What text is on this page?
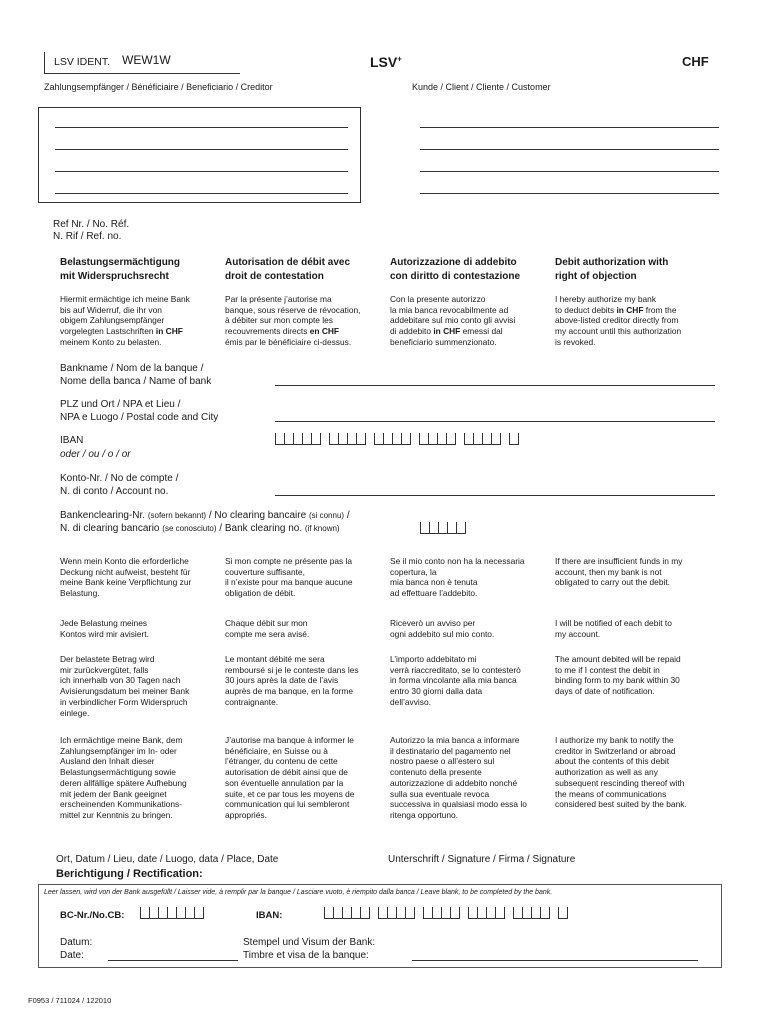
LSV IDENT. WEW1W	LSV+	CHF
Zahlungsempfänger / Bénéficiaire / Beneficiario / Creditor	Kunde / Client / Cliente / Customer
Ref Nr. / No. Réf.
N. Rif / Ref. no.
Belastungsermächtigung
mit Widerspruchsrecht
Autorisation de débit avec
droit de contestation
Autorizzazione di addebito
con diritto di contestazione
Debit authorization with
right of objection
Hiermit ermächtige ich meine Bank
bis auf Widerruf, die ihr von
obigem Zahlungsempfänger
vorgelegten Lastschriften in CHF
meinem Konto zu belasten.
Par la présente j’autorise ma
banque, sous réserve de révocation,
à débiter sur mon compte les
recouvrements directs en CHF
émis par le bénéficiaire ci-dessus.
Con la presente autorizzo
la mia banca revocabilmente ad
addebitare sul mio conto gli avvisi
di addebito in CHF emessi dal
beneficiario summenzionato.
I hereby authorize my bank
to deduct debits in CHF from the
above-listed creditor directly from
my account until this authorization
is revoked.
Bankname / Nom de la banque /
Nome della banca / Name of bank
PLZ und Ort / NPA et Lieu /
NPA e Luogo / Postal code and City
IBAN
oder / ou / o / or
Konto-Nr. / No de compte /
N. di conto / Account no.
Bankenclearing-Nr. (sofern bekannt) / No clearing bancaire (si connu) /
N. di clearing bancario (se conosciuto) / Bank clearing no. (if known)
Wenn mein Konto die erforderliche
Deckung nicht aufweist, besteht für
meine Bank keine Verpflichtung zur
Belastung.
Si mon compte ne présente pas la
couverture suffisante,
il n’existe pour ma banque aucune
obligation de débit.
Se il mio conto non ha la necessaria
copertura, la
mia banca non è tenuta
ad effettuare l’addebito.
If there are insufficient funds in my
account, then my bank is not
obligated to carry out the debit.
Jede Belastung meines
Kontos wird mir avisiert.
Chaque débit sur mon
compte me sera avisé.
Riceverò un avviso per
ogni addebito sul mio conto.
I will be notified of each debit to
my account.
Der belastete Betrag wird
mir zurückvergütet, falls
ich innerhalb von 30 Tagen nach
Avisierungsdatum bei meiner Bank
in verbindlicher Form Widerspruch
einlege.
Le montant débité me sera
remboursé si je le conteste dans les
30 jours après la date de l’avis
auprès de ma banque, en la forme
contraignante.
L’importo addebitato mi
verrà riaccreditato, se lo contesterò
in forma vincolante alla mia banca
entro 30 giorni dalla data
dell’avviso.
The amount debited will be repaid
to me if I contest the debit in
binding form to my bank within 30
days of date of notification.
Ich ermächtige meine Bank, dem
Zahlungsempfänger im In- oder
Ausland den Inhalt dieser
Belastungsermächtigung sowie
deren allfällige spätere Aufhebung
mit jedem der Bank geeignet
erscheinenden Kommunikations-
mittel zur Kenntnis zu bringen.
J’autorise ma banque à informer le
bénéficiaire, en Suisse ou à
l’étranger, du contenu de cette
autorisation de débit ainsi que de
son éventuelle annulation par la
suite, et ce par tous les moyens de
communication qui lui sembleront
appropriés.
Autorizzo la mia banca a informare
il destinatario del pagamento nel
nostro paese o all’estero sul
contenuto della presente
autorizzazione di addebito nonché
sulla sua eventuale revoca
successiva in qualsiasi modo essa lo
ritenga opportuno.
I authorize my bank to notify the
creditor in Switzerland or abroad
about the contents of this debit
authorization as well as any
subsequent rescinding thereof with
the means of communications
considered best suited by the bank.
Ort, Datum / Lieu, date / Luogo, data / Place, Date	Unterschrift / Signature / Firma / Signature
Berichtigung / Rectification:
Leer lassen, wird von der Bank ausgefüllt / Laisser vide, à remplir par la banque / Lasciare vuoto, è riempito dalla banca / Leave blank, to be completed by the bank.
BC-Nr./No.CB:	IBAN:
Datum:
Date:
Stempel und Visum der Bank:
Timbre et visa de la banque:
F0953 / 711024 / 122010
